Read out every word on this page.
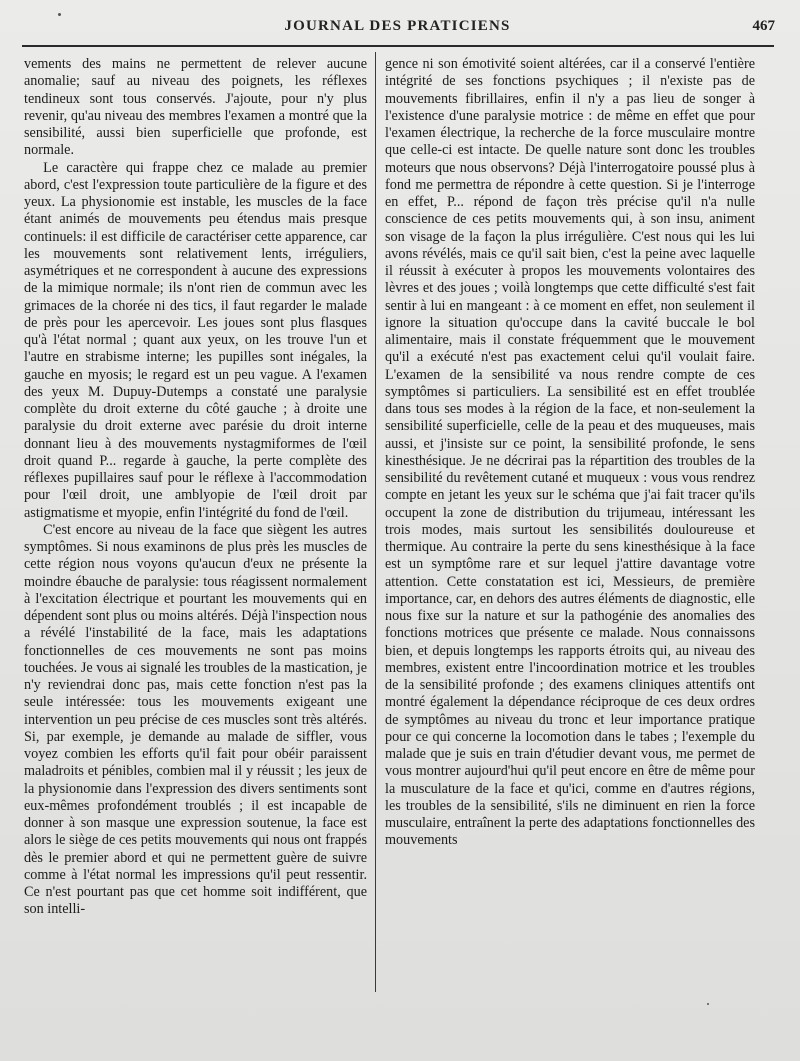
JOURNAL DES PRATICIENS	467

vements des mains ne permettent de relever aucune anomalie; sauf au niveau des poignets, les réflexes tendineux sont tous conservés. J'ajoute, pour n'y plus revenir, qu'au niveau des membres l'examen a montré que la sensibilité, aussi bien superficielle que profonde, est normale.

Le caractère qui frappe chez ce malade au premier abord, c'est l'expression toute particulière de la figure et des yeux. La physionomie est instable, les muscles de la face étant animés de mouvements peu étendus mais presque continuels: il est difficile de caractériser cette apparence, car les mouvements sont relativement lents, irréguliers, asymétriques et ne correspondent à aucune des expressions de la mimique normale; ils n'ont rien de commun avec les grimaces de la chorée ni des tics, il faut regarder le malade de près pour les apercevoir. Les joues sont plus flasques qu'à l'état normal ; quant aux yeux, on les trouve l'un et l'autre en strabisme interne; les pupilles sont inégales, la gauche en myosis; le regard est un peu vague. A l'examen des yeux M. Dupuy-Dutemps a constaté une paralysie complète du droit externe du côté gauche ; à droite une paralysie du droit externe avec parésie du droit interne donnant lieu à des mouvements nystagmiformes de l'œil droit quand P... regarde à gauche, la perte complète des réflexes pupillaires sauf pour le réflexe à l'accommodation pour l'œil droit, une amblyopie de l'œil droit par astigmatisme et myopie, enfin l'intégrité du fond de l'œil.

C'est encore au niveau de la face que siègent les autres symptômes. Si nous examinons de plus près les muscles de cette région nous voyons qu'aucun d'eux ne présente la moindre ébauche de paralysie: tous réagissent normalement à l'excitation électrique et pourtant les mouvements qui en dépendent sont plus ou moins altérés. Déjà l'inspection nous a révélé l'instabilité de la face, mais les adaptations fonctionnelles de ces mouvements ne sont pas moins touchées. Je vous ai signalé les troubles de la mastication, je n'y reviendrai donc pas, mais cette fonction n'est pas la seule intéressée: tous les mouvements exigeant une intervention un peu précise de ces muscles sont très altérés. Si, par exemple, je demande au malade de siffler, vous voyez combien les efforts qu'il fait pour obéir paraissent maladroits et pénibles, combien mal il y réussit ; les jeux de la physionomie dans l'expression des divers sentiments sont eux-mêmes profondément troublés ; il est incapable de donner à son masque une expression soutenue, la face est alors le siège de ces petits mouvements qui nous ont frappés dès le premier abord et qui ne permettent guère de suivre comme à l'état normal les impressions qu'il peut ressentir. Ce n'est pourtant pas que cet homme soit indifférent, que son intelli-

gence ni son émotivité soient altérées, car il a conservé l'entière intégrité de ses fonctions psychiques ; il n'existe pas de mouvements fibrillaires, enfin il n'y a pas lieu de songer à l'existence d'une paralysie motrice : de même en effet que pour l'examen électrique, la recherche de la force musculaire montre que celle-ci est intacte. De quelle nature sont donc les troubles moteurs que nous observons? Déjà l'interrogatoire poussé plus à fond me permettra de répondre à cette question. Si je l'interroge en effet, P... répond de façon très précise qu'il n'a nulle conscience de ces petits mouvements qui, à son insu, animent son visage de la façon la plus irrégulière. C'est nous qui les lui avons révélés, mais ce qu'il sait bien, c'est la peine avec laquelle il réussit à exécuter à propos les mouvements volontaires des lèvres et des joues ; voilà longtemps que cette difficulté s'est fait sentir à lui en mangeant : à ce moment en effet, non seulement il ignore la situation qu'occupe dans la cavité buccale le bol alimentaire, mais il constate fréquemment que le mouvement qu'il a exécuté n'est pas exactement celui qu'il voulait faire. L'examen de la sensibilité va nous rendre compte de ces symptômes si particuliers. La sensibilité est en effet troublée dans tous ses modes à la région de la face, et non-seulement la sensibilité superficielle, celle de la peau et des muqueuses, mais aussi, et j'insiste sur ce point, la sensibilité profonde, le sens kinesthésique. Je ne décrirai pas la répartition des troubles de la sensibilité du revêtement cutané et muqueux : vous vous rendrez compte en jetant les yeux sur le schéma que j'ai fait tracer qu'ils occupent la zone de distribution du trijumeau, intéressant les trois modes, mais surtout les sensibilités douloureuse et thermique. Au contraire la perte du sens kinesthésique à la face est un symptôme rare et sur lequel j'attire davantage votre attention. Cette constatation est ici, Messieurs, de première importance, car, en dehors des autres éléments de diagnostic, elle nous fixe sur la nature et sur la pathogénie des anomalies des fonctions motrices que présente ce malade. Nous connaissons bien, et depuis longtemps les rapports étroits qui, au niveau des membres, existent entre l'incoordination motrice et les troubles de la sensibilité profonde ; des examens cliniques attentifs ont montré également la dépendance réciproque de ces deux ordres de symptômes au niveau du tronc et leur importance pratique pour ce qui concerne la locomotion dans le tabes ; l'exemple du malade que je suis en train d'étudier devant vous, me permet de vous montrer aujourd'hui qu'il peut encore en être de même pour la musculature de la face et qu'ici, comme en d'autres régions, les troubles de la sensibilité, s'ils ne diminuent en rien la force musculaire, entraînent la perte des adaptations fonctionnelles des mouvements
